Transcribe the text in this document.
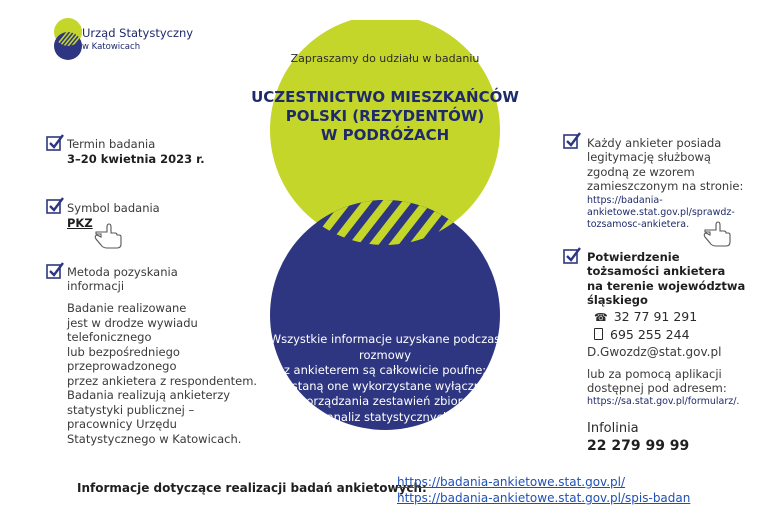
Urząd Statystyczny
w Katowicach
Zapraszamy do udziału w badaniu
UCZESTNICTWO MIESZKAŃCÓW
POLSKI (REZYDENTÓW)
W PODRÓŻACH
Wszystkie informacje uzyskane podczas rozmowy
z ankieterem są całkowicie poufne;
zostaną one wykorzystane wyłącznie
do sporządzania zestawień zbiorczych
i analiz statystycznych
Termin badania
3–20 kwietnia 2023 r.
Symbol badania
PKZ
Metoda pozyskania
informacji
Badanie realizowane
jest w drodze wywiadu
telefonicznego
lub bezpośredniego
przeprowadzonego
przez ankietera z respondentem.
Badania realizują ankieterzy
statystyki publicznej –
pracownicy Urzędu
Statystycznego w Katowicach.
Każdy ankieter posiada
legitymację służbową
zgodną ze wzorem
zamieszczonym na stronie:
https://badania-
ankietowe.stat.gov.pl/sprawdz-
tozsamosc-ankietera.
Potwierdzenie
tożsamości ankietera
na terenie województwa
śląskiego
☎ 32 77 91 291
695 255 244
D.Gwozdz@stat.gov.pl
lub za pomocą aplikacji
dostępnej pod adresem:
https://sa.stat.gov.pl/formularz/.
Infolinia
22 279 99 99
Informacje dotyczące realizacji badań ankietowych:
https://badania-ankietowe.stat.gov.pl/
https://badania-ankietowe.stat.gov.pl/spis-badan
